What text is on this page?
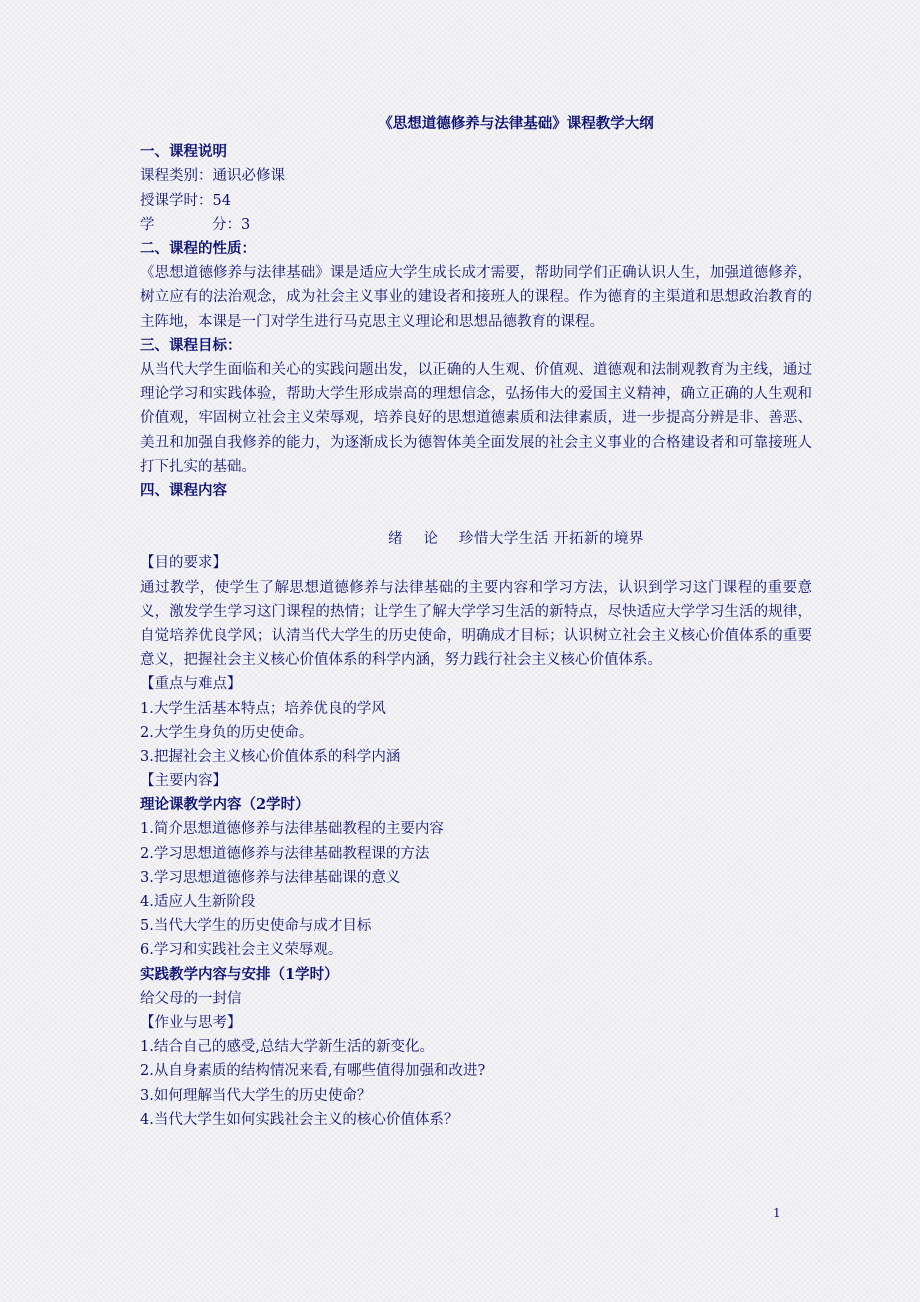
《思想道德修养与法律基础》课程教学大纲
一、课程说明
课程类别：通识必修课
授课学时：54
学	分：3
二、课程的性质：
《思想道德修养与法律基础》课是适应大学生成长成才需要，帮助同学们正确认识人生，加强道德修养，树立应有的法治观念，成为社会主义事业的建设者和接班人的课程。作为德育的主渠道和思想政治教育的主阵地，本课是一门对学生进行马克思主义理论和思想品德教育的课程。
三、课程目标：
从当代大学生面临和关心的实践问题出发，以正确的人生观、价值观、道德观和法制观教育为主线，通过理论学习和实践体验，帮助大学生形成崇高的理想信念，弘扬伟大的爱国主义精神，确立正确的人生观和价值观，牢固树立社会主义荣辱观，培养良好的思想道德素质和法律素质，进一步提高分辨是非、善恶、美丑和加强自我修养的能力，为逐渐成长为德智体美全面发展的社会主义事业的合格建设者和可靠接班人打下扎实的基础。
四、课程内容
绪    论    珍惜大学生活 开拓新的境界
【目的要求】
通过教学，使学生了解思想道德修养与法律基础的主要内容和学习方法，认识到学习这门课程的重要意义，激发学生学习这门课程的热情；让学生了解大学学习生活的新特点，尽快适应大学学习生活的规律，自觉培养优良学风；认清当代大学生的历史使命，明确成才目标；认识树立社会主义核心价值体系的重要意义，把握社会主义核心价值体系的科学内涵，努力践行社会主义核心价值体系。
【重点与难点】
1.大学生活基本特点；培养优良的学风
2.大学生身负的历史使命。
3.把握社会主义核心价值体系的科学内涵
【主要内容】
理论课教学内容（2学时）
1.简介思想道德修养与法律基础教程的主要内容
2.学习思想道德修养与法律基础教程课的方法
3.学习思想道德修养与法律基础课的意义
4.适应人生新阶段
5.当代大学生的历史使命与成才目标
6.学习和实践社会主义荣辱观。
实践教学内容与安排（1学时）
给父母的一封信
【作业与思考】
1.结合自己的感受,总结大学新生活的新变化。
2.从自身素质的结构情况来看,有哪些值得加强和改进?
3.如何理解当代大学生的历史使命？
4.当代大学生如何实践社会主义的核心价值体系？
1
